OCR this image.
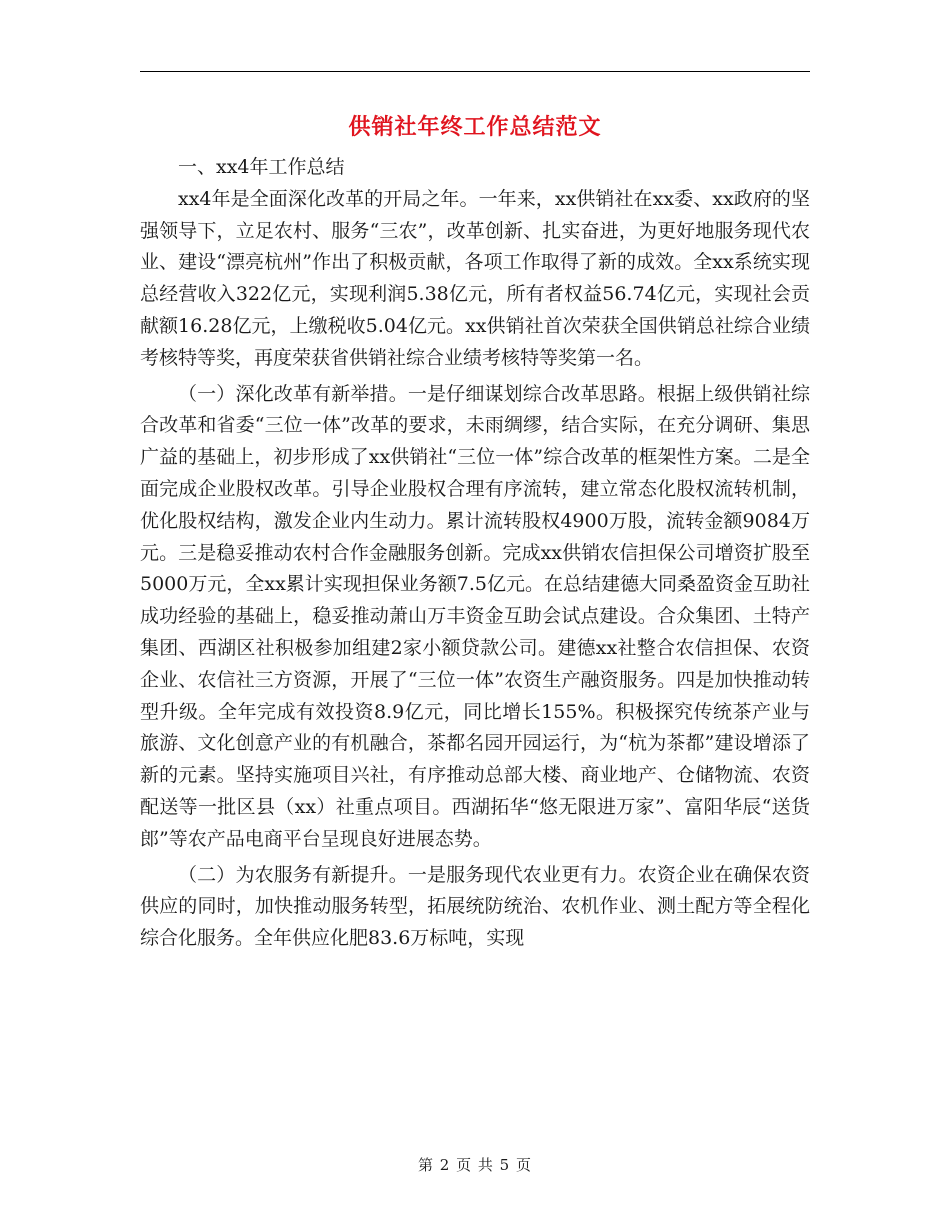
供销社年终工作总结范文

一、xx4年工作总结

xx4年是全面深化改革的开局之年。一年来，xx供销社在xx委、xx政府的坚强领导下，立足农村、服务“三农”，改革创新、扎实奋进，为更好地服务现代农业、建设“漂亮杭州”作出了积极贡献，各项工作取得了新的成效。全xx系统实现总经营收入322亿元，实现利润5.38亿元，所有者权益56.74亿元，实现社会贡献额16.28亿元，上缴税收5.04亿元。xx供销社首次荣获全国供销总社综合业绩考核特等奖，再度荣获省供销社综合业绩考核特等奖第一名。

（一）深化改革有新举措。一是仔细谋划综合改革思路。根据上级供销社综合改革和省委“三位一体”改革的要求，未雨绸缪，结合实际，在充分调研、集思广益的基础上，初步形成了xx供销社“三位一体”综合改革的框架性方案。二是全面完成企业股权改革。引导企业股权合理有序流转，建立常态化股权流转机制，优化股权结构，激发企业内生动力。累计流转股权4900万股，流转金额9084万元。三是稳妥推动农村合作金融服务创新。完成xx供销农信担保公司增资扩股至5000万元，全xx累计实现担保业务额7.5亿元。在总结建德大同桑盈资金互助社成功经验的基础上，稳妥推动萧山万丰资金互助会试点建设。合众集团、土特产集团、西湖区社积极参加组建2家小额贷款公司。建德xx社整合农信担保、农资企业、农信社三方资源，开展了“三位一体”农资生产融资服务。四是加快推动转型升级。全年完成有效投资8.9亿元，同比增长155%。积极探究传统茶产业与旅游、文化创意产业的有机融合，茶都名园开园运行，为“杭为茶都”建设增添了新的元素。坚持实施项目兴社，有序推动总部大楼、商业地产、仓储物流、农资配送等一批区县（xx）社重点项目。西湖拓华“悠无限进万家”、富阳华辰“送货郎”等农产品电商平台呈现良好进展态势。

（二）为农服务有新提升。一是服务现代农业更有力。农资企业在确保农资供应的同时，加快推动服务转型，拓展统防统治、农机作业、测土配方等全程化综合化服务。全年供应化肥83.6万标吨，实现

第 2 页 共 5 页
